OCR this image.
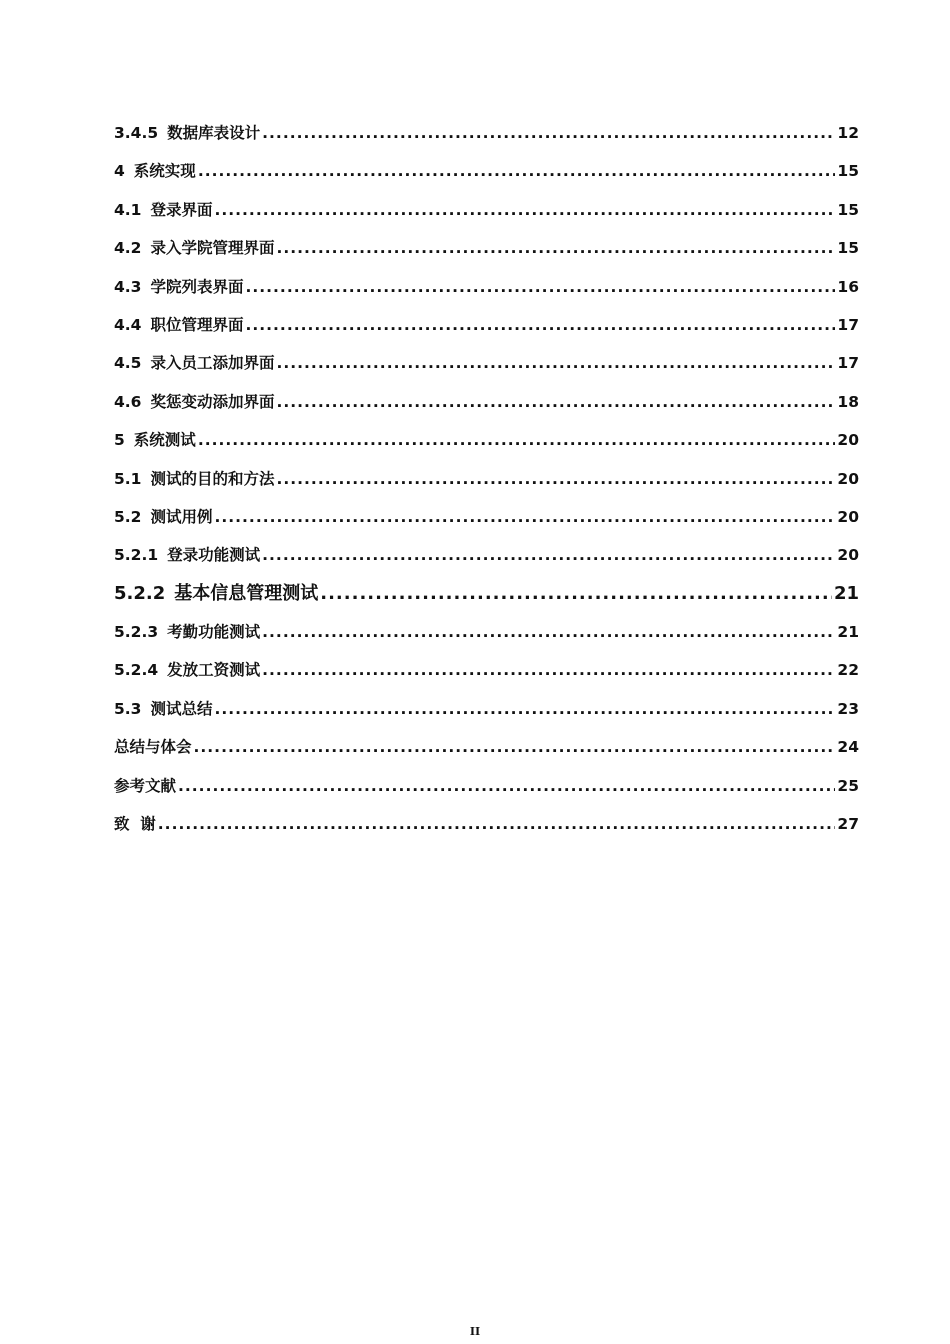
3.4.5 数据库表设计 .....	12
4 系统实现 .....	15
4.1 登录界面 .....	15
4.2 录入学院管理界面 .....	15
4.3 学院列表界面 .....	16
4.4 职位管理界面 .....	17
4.5 录入员工添加界面 .....	17
4.6 奖惩变动添加界面 .....	18
5 系统测试 .....	20
5.1 测试的目的和方法 .....	20
5.2 测试用例 .....	20
5.2.1 登录功能测试 .....	20
5.2.2 基本信息管理测试 .....	21
5.2.3 考勤功能测试 .....	21
5.2.4 发放工资测试 .....	22
5.3 测试总结 .....	23
总结与体会 .....	24
参考文献 .....	25
致  谢 .....	27
II
